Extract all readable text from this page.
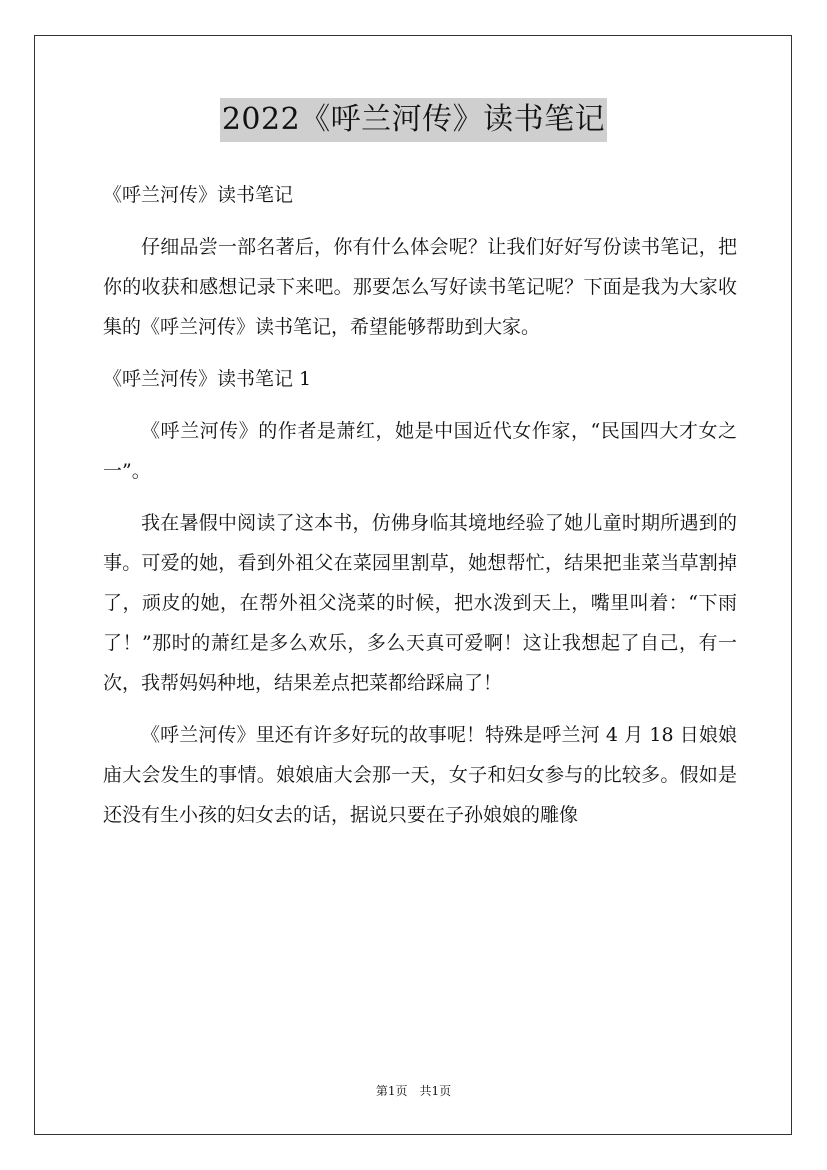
2022《呼兰河传》读书笔记

《呼兰河传》读书笔记

仔细品尝一部名著后，你有什么体会呢？让我们好好写份读书笔记，把你的收获和感想记录下来吧。那要怎么写好读书笔记呢？下面是我为大家收集的《呼兰河传》读书笔记，希望能够帮助到大家。

《呼兰河传》读书笔记 1

《呼兰河传》的作者是萧红，她是中国近代女作家，“民国四大才女之一”。

我在暑假中阅读了这本书，仿佛身临其境地经验了她儿童时期所遇到的事。可爱的她，看到外祖父在菜园里割草，她想帮忙，结果把韭菜当草割掉了，顽皮的她，在帮外祖父浇菜的时候，把水泼到天上，嘴里叫着：“下雨了！”那时的萧红是多么欢乐，多么天真可爱啊！这让我想起了自己，有一次，我帮妈妈种地，结果差点把菜都给踩扁了！

《呼兰河传》里还有许多好玩的故事呢！特殊是呼兰河 4 月 18 日娘娘庙大会发生的事情。娘娘庙大会那一天，女子和妇女参与的比较多。假如是还没有生小孩的妇女去的话，据说只要在子孙娘娘的雕像

第1页 共1页
